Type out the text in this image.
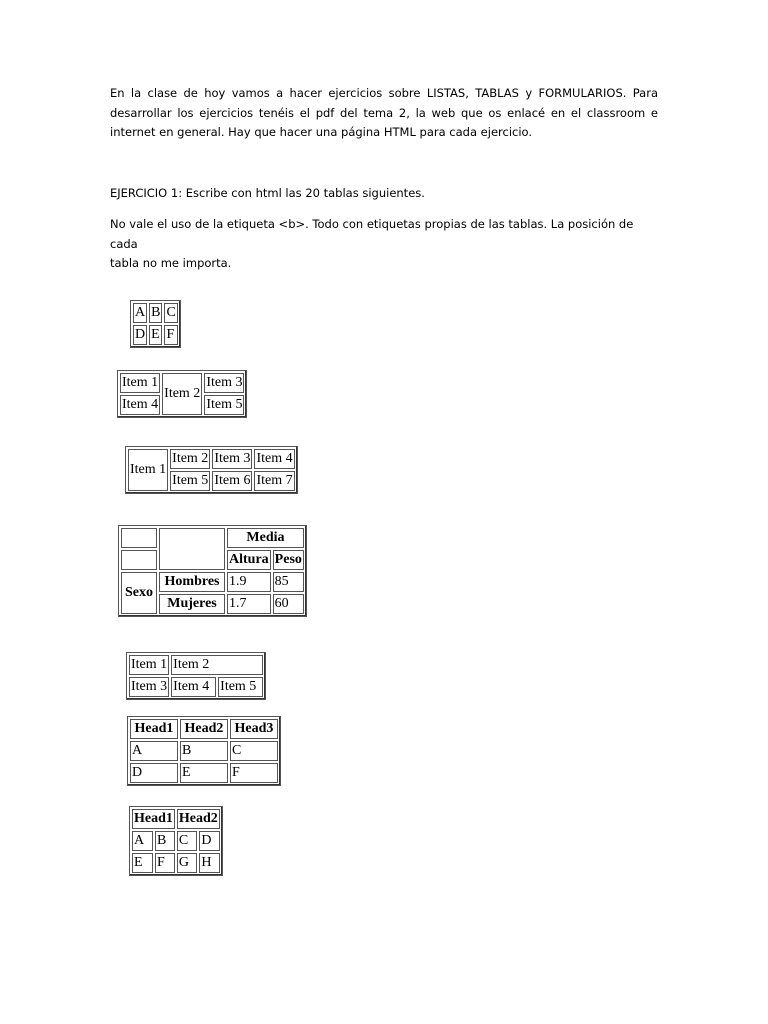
En la clase de hoy vamos a hacer ejercicios sobre LISTAS, TABLAS y FORMULARIOS. Para
desarrollar los ejercicios tenéis el pdf del tema 2, la web que os enlacé en el classroom e
internet en general. Hay que hacer una página HTML para cada ejercicio.

EJERCICIO 1: Escribe con html las 20 tablas siguientes.

No vale el uso de la etiqueta <b>. Todo con etiquetas propias de las tablas. La posición de cada
tabla no me importa.
A	B	C
D	E	F
Item 1	Item 2	Item 3
Item 4		Item 5
Item 1	Item 2	Item 3	Item 4
	Item 5	Item 6	Item 7
		Media	
		Altura	Peso
Sexo	Hombres	1.9	85
	Mujeres	1.7	60
Item 1	Item 2	
Item 3	Item 4	Item 5
Head1	Head2	Head3
A	B	C
D	E	F
Head1		Head2	
A	B	C	D
E	F	G	H
